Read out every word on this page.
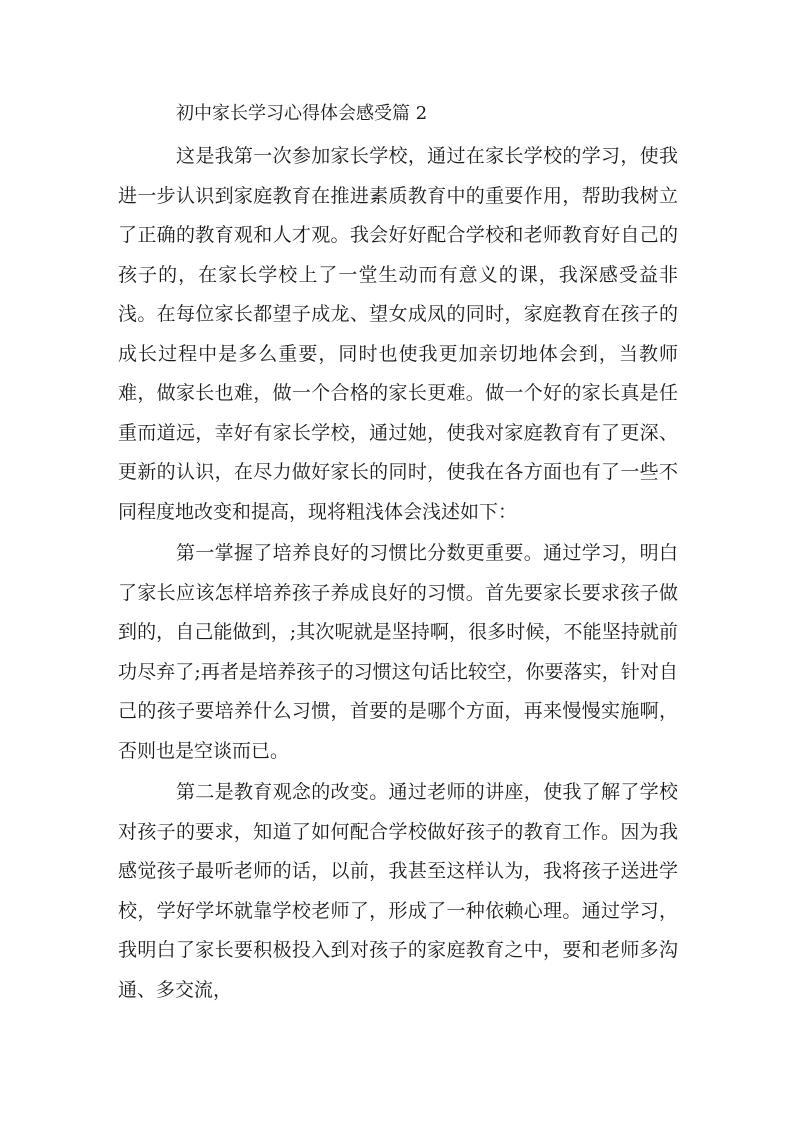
初中家长学习心得体会感受篇 2

这是我第一次参加家长学校，通过在家长学校的学习，使我进一步认识到家庭教育在推进素质教育中的重要作用，帮助我树立了正确的教育观和人才观。我会好好配合学校和老师教育好自己的孩子的，在家长学校上了一堂生动而有意义的课，我深感受益非浅。在每位家长都望子成龙、望女成凤的同时，家庭教育在孩子的成长过程中是多么重要，同时也使我更加亲切地体会到，当教师难，做家长也难，做一个合格的家长更难。做一个好的家长真是任重而道远，幸好有家长学校，通过她，使我对家庭教育有了更深、更新的认识，在尽力做好家长的同时，使我在各方面也有了一些不同程度地改变和提高，现将粗浅体会浅述如下：

第一掌握了培养良好的习惯比分数更重要。通过学习，明白了家长应该怎样培养孩子养成良好的习惯。首先要家长要求孩子做到的，自己能做到，;其次呢就是坚持啊，很多时候，不能坚持就前功尽弃了;再者是培养孩子的习惯这句话比较空，你要落实，针对自己的孩子要培养什么习惯，首要的是哪个方面，再来慢慢实施啊，否则也是空谈而已。

第二是教育观念的改变。通过老师的讲座，使我了解了学校对孩子的要求，知道了如何配合学校做好孩子的教育工作。因为我感觉孩子最听老师的话，以前，我甚至这样认为，我将孩子送进学校，学好学坏就靠学校老师了，形成了一种依赖心理。通过学习，我明白了家长要积极投入到对孩子的家庭教育之中，要和老师多沟通、多交流，
